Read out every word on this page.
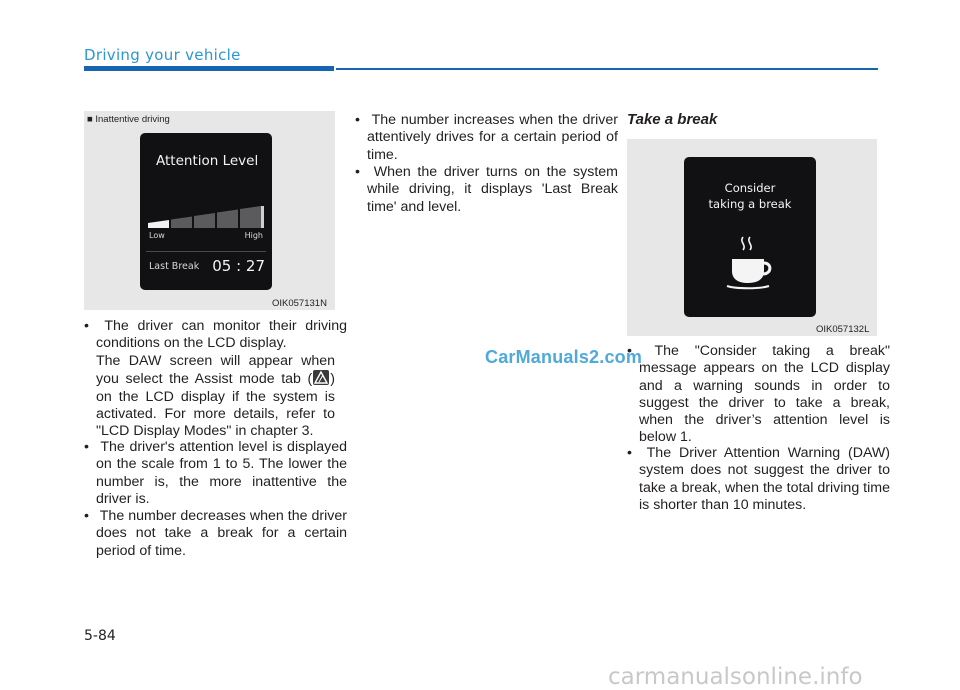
Driving your vehicle
■ Inattentive driving
Attention Level
Low	High
Last Break 05 : 27
OIK057131N
• The driver can monitor their driving conditions on the LCD display.
The DAW screen will appear when you select the Assist mode tab ( ) on the LCD display if the system is activated. For more details, refer to "LCD Display Modes" in chapter 3.
• The driver's attention level is displayed on the scale from 1 to 5. The lower the number is, the more inattentive the driver is.
• The number decreases when the driver does not take a break for a certain period of time.
• The number increases when the driver attentively drives for a certain period of time.
• When the driver turns on the system while driving, it displays 'Last Break time' and level.
Take a break
Consider
taking a break
OIK057132L
• The "Consider taking a break" message appears on the LCD display and a warning sounds in order to suggest the driver to take a break, when the driver’s attention level is below 1.
• The Driver Attention Warning (DAW) system does not suggest the driver to take a break, when the total driving time is shorter than 10 minutes.
CarManuals2.com
5-84
carmanualsonline.info
